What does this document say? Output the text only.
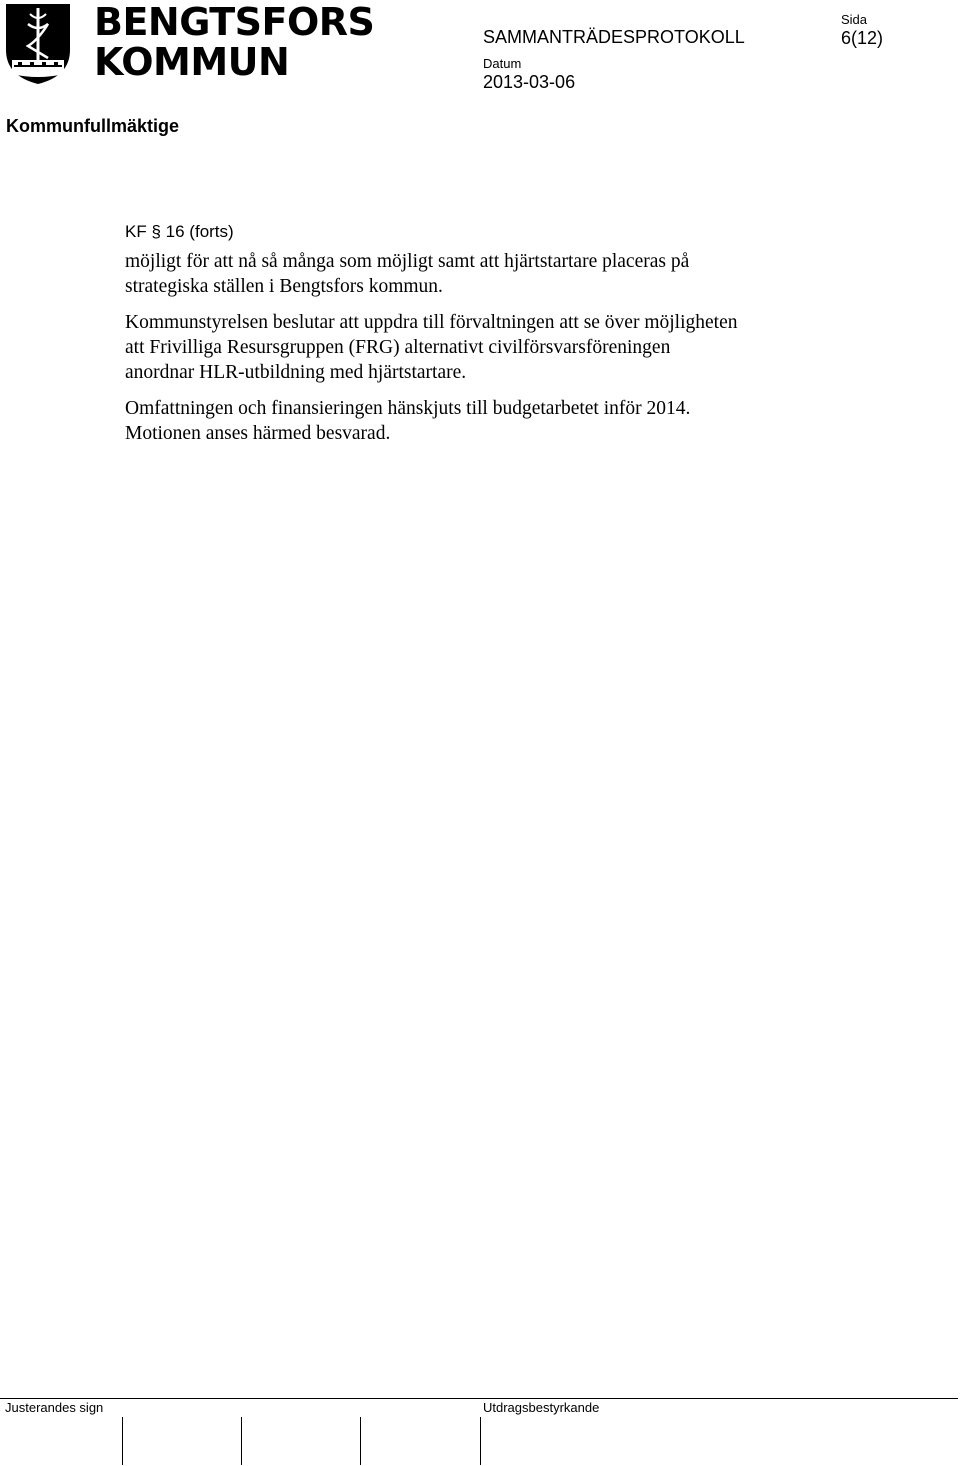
BENGTSFORS
KOMMUN
SAMMANTRÄDESPROTOKOLL
Sida
6(12)
Datum
2013-03-06
Kommunfullmäktige
KF § 16 (forts)

möjligt för att nå så många som möjligt samt att hjärtstartare placeras på

strategiska ställen i Bengtsfors kommun.

Kommunstyrelsen beslutar att uppdra till förvaltningen att se över möjligheten

att Frivilliga Resursgruppen (FRG) alternativt civilförsvarsföreningen

anordnar HLR-utbildning med hjärtstartare.

Omfattningen och finansieringen hänskjuts till budgetarbetet inför 2014.

Motionen anses härmed besvarad.

Justerandes sign	Utdragsbestyrkande
